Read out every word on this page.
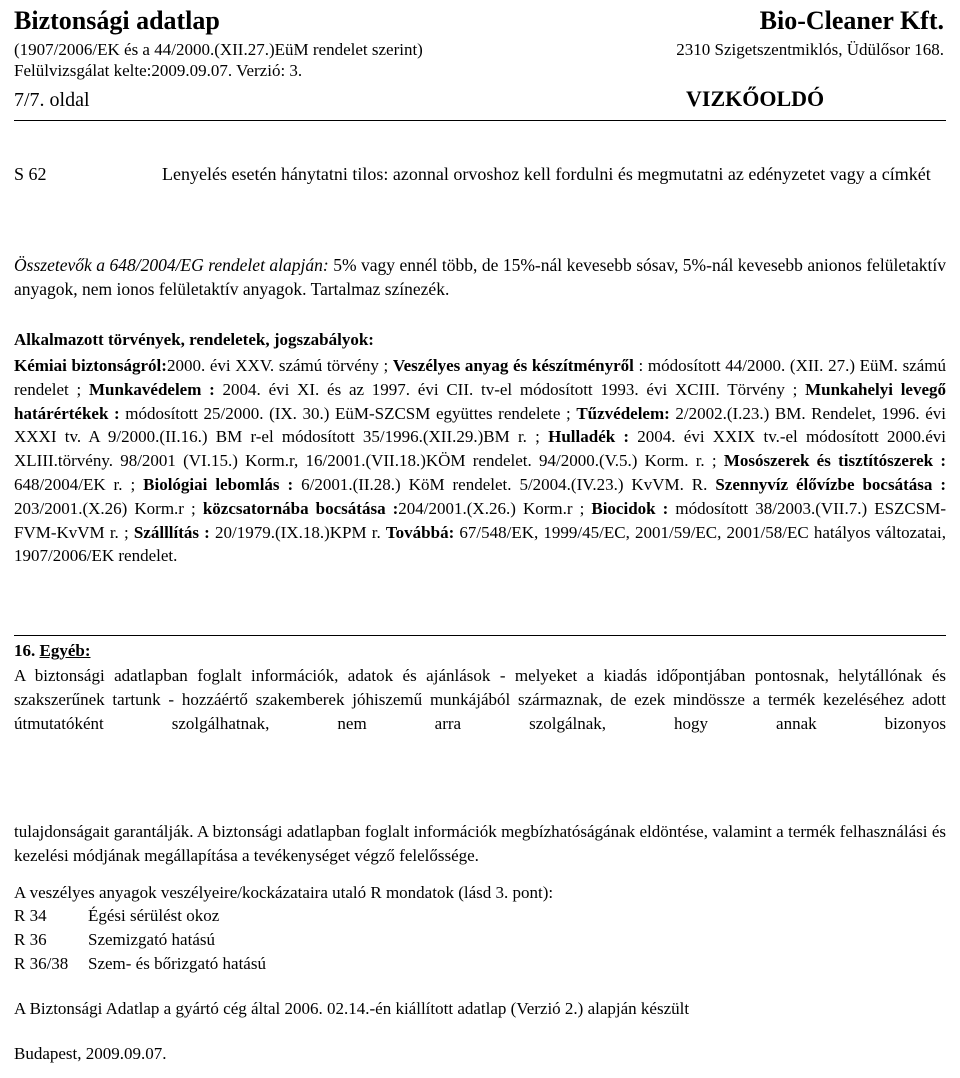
Biztonsági adatlap	Bio-Cleaner Kft.
(1907/2006/EK és a 44/2000.(XII.27.)EüM rendelet szerint)	2310 Szigetszentmiklós, Üdülősor 168.
Felülvizsgálat kelte:2009.09.07. Verzió: 3.
7/7. oldal	VIZKŐOLDÓ
S 62	Lenyelés esetén hánytatni tilos: azonnal orvoshoz kell fordulni és megmutatni az edényzetet vagy a címkét
Összetevők a 648/2004/EG rendelet alapján: 5% vagy ennél több, de 15%-nál kevesebb sósav, 5%-nál kevesebb anionos felületaktív anyagok, nem ionos felületaktív anyagok. Tartalmaz színezék.
Alkalmazott törvények, rendeletek, jogszabályok:
Kémiai biztonságról:2000. évi XXV. számú törvény ; Veszélyes anyag és készítményről : módosított 44/2000. (XII. 27.) EüM. számú rendelet ; Munkavédelem : 2004. évi XI. és az 1997. évi CII. tv-el módosított 1993. évi XCIII. Törvény ; Munkahelyi levegő határértékek : módosított 25/2000. (IX. 30.) EüM-SZCSM együttes rendelete ; Tűzvédelem: 2/2002.(I.23.) BM. Rendelet, 1996. évi XXXI tv. A 9/2000.(II.16.) BM r-el módosított 35/1996.(XII.29.)BM r. ; Hulladék : 2004. évi XXIX tv.-el módosított 2000.évi XLIII.törvény. 98/2001 (VI.15.) Korm.r, 16/2001.(VII.18.)KÖM rendelet. 94/2000.(V.5.) Korm. r. ; Mosószerek és tisztítószerek : 648/2004/EK r. ; Biológiai lebomlás : 6/2001.(II.28.) KöM rendelet. 5/2004.(IV.23.) KvVM. R. Szennyvíz élővízbe bocsátása : 203/2001.(X.26) Korm.r ; közcsatornába bocsátása :204/2001.(X.26.) Korm.r ; Biocidok : módosított 38/2003.(VII.7.) ESZCSM-FVM-KvVM r. ; Szálllítás : 20/1979.(IX.18.)KPM r. Továbbá: 67/548/EK, 1999/45/EC, 2001/59/EC, 2001/58/EC hatályos változatai, 1907/2006/EK rendelet.
16. Egyéb:
A biztonsági adatlapban foglalt információk, adatok és ajánlások - melyeket a kiadás időpontjában pontosnak, helytállónak és szakszerűnek tartunk - hozzáértő szakemberek jóhiszemű munkájából származnak, de ezek mindössze a termék kezeléséhez adott útmutatóként szolgálhatnak, nem arra szolgálnak, hogy annak bizonyos
tulajdonságait garantálják. A biztonsági adatlapban foglalt információk megbízhatóságának eldöntése, valamint a termék felhasználási és kezelési módjának megállapítása a tevékenységet végző felelőssége.
A veszélyes anyagok veszélyeire/kockázataira utaló R mondatok (lásd 3. pont):
R 34 Égési sérülést okoz
R 36 Szemizgató hatású
R 36/38 Szem- és bőrizgató hatású
A Biztonsági Adatlap a gyártó cég által 2006. 02.14.-én kiállított adatlap (Verzió 2.) alapján készült
Budapest, 2009.09.07.
